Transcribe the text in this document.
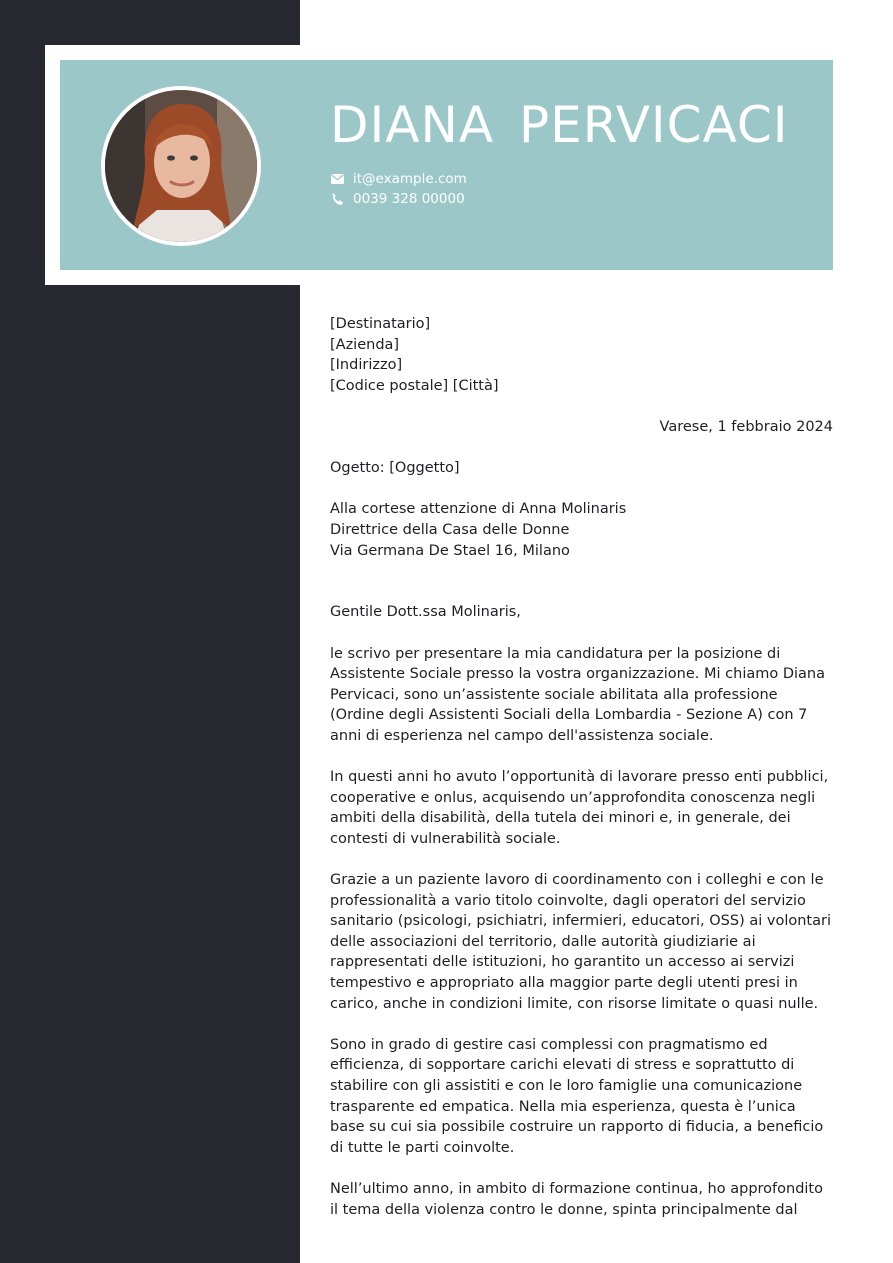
DIANA PERVICACI
it@example.com
0039 328 00000

[Destinatario]

[Azienda]

[Indirizzo]

[Codice postale] [Città]

Varese, 1 febbraio 2024

Ogetto: [Oggetto]

Alla cortese attenzione di Anna Molinaris

Direttrice della Casa delle Donne

Via Germana De Stael 16, Milano

Gentile Dott.ssa Molinaris,

le scrivo per presentare la mia candidatura per la posizione di Assistente Sociale presso la vostra organizzazione. Mi chiamo Diana Pervicaci, sono un’assistente sociale abilitata alla professione (Ordine degli Assistenti Sociali della Lombardia - Sezione A) con 7 anni di esperienza nel campo dell'assistenza sociale.

In questi anni ho avuto l’opportunità di lavorare presso enti pubblici, cooperative e onlus, acquisendo un’approfondita conoscenza negli ambiti della disabilità, della tutela dei minori e, in generale, dei contesti di vulnerabilità sociale.

Grazie a un paziente lavoro di coordinamento con i colleghi e con le professionalità a vario titolo coinvolte, dagli operatori del servizio sanitario (psicologi, psichiatri, infermieri, educatori, OSS) ai volontari delle associazioni del territorio, dalle autorità giudiziarie ai rappresentati delle istituzioni, ho garantito un accesso ai servizi tempestivo e appropriato alla maggior parte degli utenti presi in carico, anche in condizioni limite, con risorse limitate o quasi nulle.

Sono in grado di gestire casi complessi con pragmatismo ed efficienza, di sopportare carichi elevati di stress e soprattutto di stabilire con gli assistiti e con le loro famiglie una comunicazione trasparente ed empatica. Nella mia esperienza, questa è l’unica base su cui sia possibile costruire un rapporto di fiducia, a beneficio di tutte le parti coinvolte.

Nell’ultimo anno, in ambito di formazione continua, ho approfondito il tema della violenza contro le donne, spinta principalmente dal
